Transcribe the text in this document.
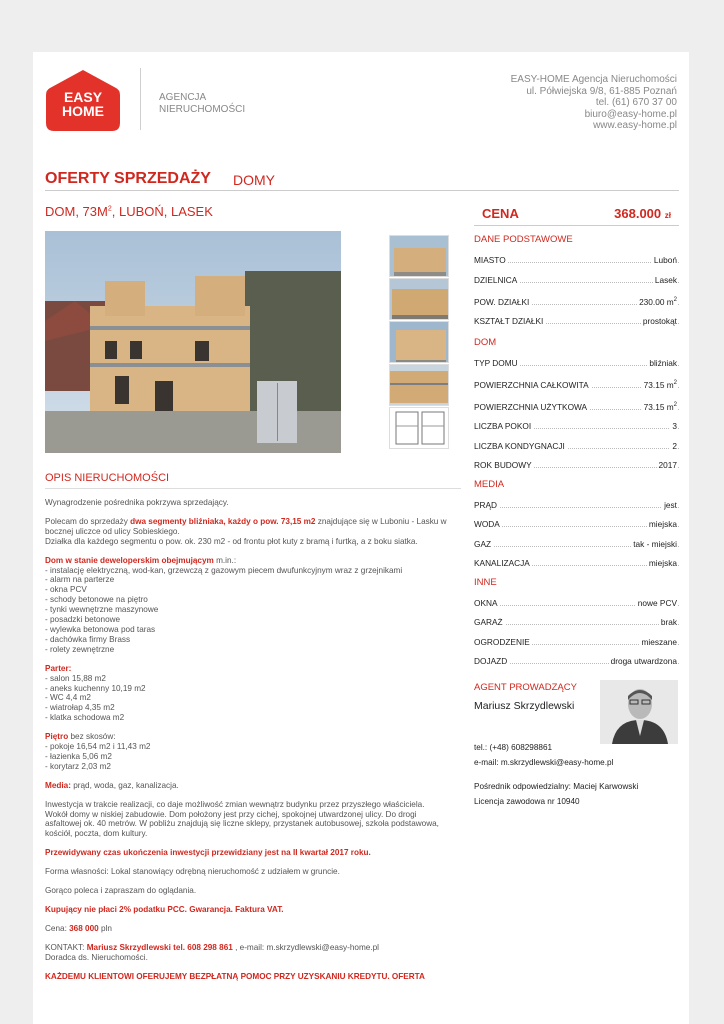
EASY
HOME
AGENCJA
NIERUCHOMOŚCI
EASY-HOME Agencja Nieruchomości
ul. Półwiejska 9/8, 61-885 Poznań
tel. (61) 670 37 00
biuro@easy-home.pl
www.easy-home.pl
OFERTY SPRZEDAŻY DOMY
DOM, $73M^2$, LUBOŃ, LASEK	CENA	368.000 zł
OPIS NIERUCHOMOŚCI

Wynagrodzenie pośrednika pokrzywa sprzedający.

Polecam do sprzedaży dwa segmenty bliźniaka, każdy o pow. 73,15 m2 znajdujące się w Luboniu - Lasku w bocznej uliczce od ulicy Sobieskiego.
Działka dla każdego segmentu o pow. ok. 230 m2 - od frontu płot kuty z bramą i furtką, a z boku siatka.

Dom w stanie deweloperskim obejmującym m.in.:
- instalację elektryczną, wod-kan, grzewczą z gazowym piecem dwufunkcyjnym wraz z grzejnikami
- alarm na parterze
- okna PCV
- schody betonowe na piętro
- tynki wewnętrzne maszynowe
- posadzki betonowe
- wylewka betonowa pod taras
- dachówka firmy Brass
- rolety zewnętrzne

Parter:
- salon 15,88 m2
- aneks kuchenny 10,19 m2
- WC 4,4 m2
- wiatrołap 4,35 m2
- klatka schodowa m2

Piętro bez skosów:
- pokoje 16,54 m2 i 11,43 m2
- łazienka 5,06 m2
- korytarz 2,03 m2

Media: prąd, woda, gaz, kanalizacja.

Inwestycja w trakcie realizacji, co daje możliwość zmian wewnątrz budynku przez przyszłego właściciela.
Wokół domy w niskiej zabudowie. Dom położony jest przy cichej, spokojnej utwardzonej ulicy. Do drogi asfaltowej ok. 40 metrów. W pobliżu znajdują się liczne sklepy, przystanek autobusowej, szkoła podstawowa, kościół, poczta, dom kultury.

Przewidywany czas ukończenia inwestycji przewidziany jest na II kwartał 2017 roku.

Forma własności: Lokal stanowiący odrębną nieruchomość z udziałem w gruncie.

Gorąco poleca i zapraszam do oglądania.

Kupujący nie płaci 2% podatku PCC. Gwarancja. Faktura VAT.

Cena: 368 000 pln

KONTAKT: Mariusz Skrzydlewski tel. 608 298 861 , e-mail: m.skrzydlewski@easy-home.pl
Doradca ds. Nieruchomości.

KAŻDEMU KLIENTOWI OFERUJEMY BEZPŁATNĄ POMOC PRZY UZYSKANIU KREDYTU. OFERTA

DANE PODSTAWOWE
MIASTO	Luboń
DZIELNICA	Lasek
POW. DZIAŁKI	230.00 $m^2$
KSZTAŁT DZIAŁKI	prostokąt
DOM
TYP DOMU	bliźniak
POWIERZCHNIA CAŁKOWITA	73.15 $m^2$
POWIERZCHNIA UŻYTKOWA	73.15 $m^2$
LICZBA POKOI	3
LICZBA KONDYGNACJI	2
ROK BUDOWY	2017
MEDIA
PRĄD	jest
WODA	miejska
GAZ	tak - miejski
KANALIZACJA	miejska
INNE
OKNA	nowe PCV
GARAŻ	brak
OGRODZENIE	mieszane
DOJAZD	droga utwardzona
AGENT PROWADZĄCY
Mariusz Skrzydlewski
tel.: (+48) 608298861
e-mail: m.skrzydlewski@easy-home.pl
Pośrednik odpowiedzialny: Maciej Karwowski
Licencja zawodowa nr 10940
